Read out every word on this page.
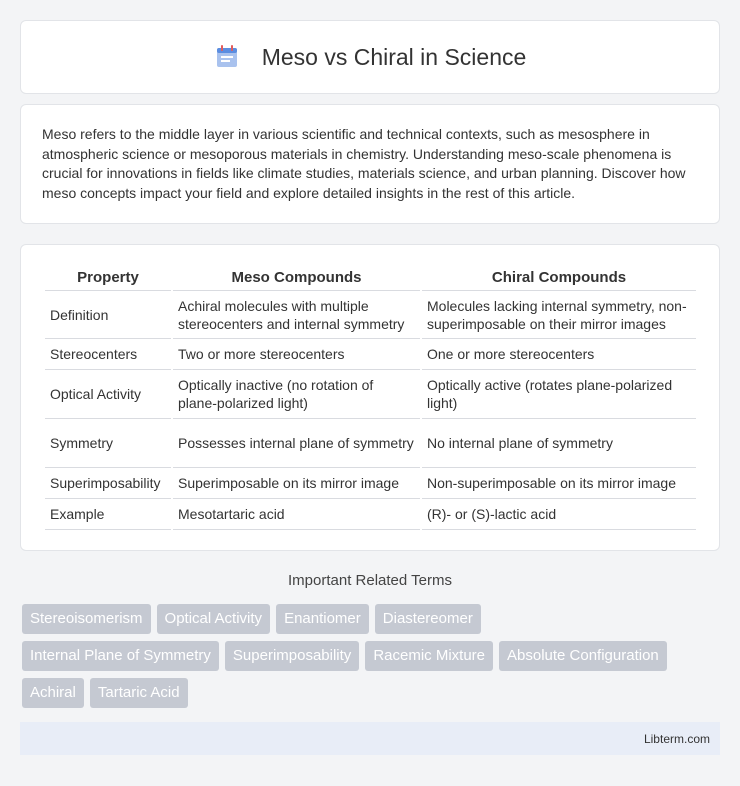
Meso vs Chiral in Science

Meso refers to the middle layer in various scientific and technical contexts, such as mesosphere in atmospheric science or mesoporous materials in chemistry. Understanding meso-scale phenomena is crucial for innovations in fields like climate studies, materials science, and urban planning. Discover how meso concepts impact your field and explore detailed insights in the rest of this article.

Property	Meso Compounds	Chiral Compounds
Definition	Achiral molecules with multiple stereocenters and internal symmetry	Molecules lacking internal symmetry, non-superimposable on their mirror images
Stereocenters	Two or more stereocenters	One or more stereocenters
Optical Activity	Optically inactive (no rotation of plane-polarized light)	Optically active (rotates plane-polarized light)
Symmetry	Possesses internal plane of symmetry	No internal plane of symmetry
Superimposability	Superimposable on its mirror image	Non-superimposable on its mirror image
Example	Mesotartaric acid	(R)- or (S)-lactic acid
Important Related Terms
Stereoisomerism	Optical Activity	Enantiomer	Diastereomer
Internal Plane of Symmetry	Superimposability	Racemic Mixture	Absolute Configuration
Achiral	Tartaric Acid
Libterm.com
